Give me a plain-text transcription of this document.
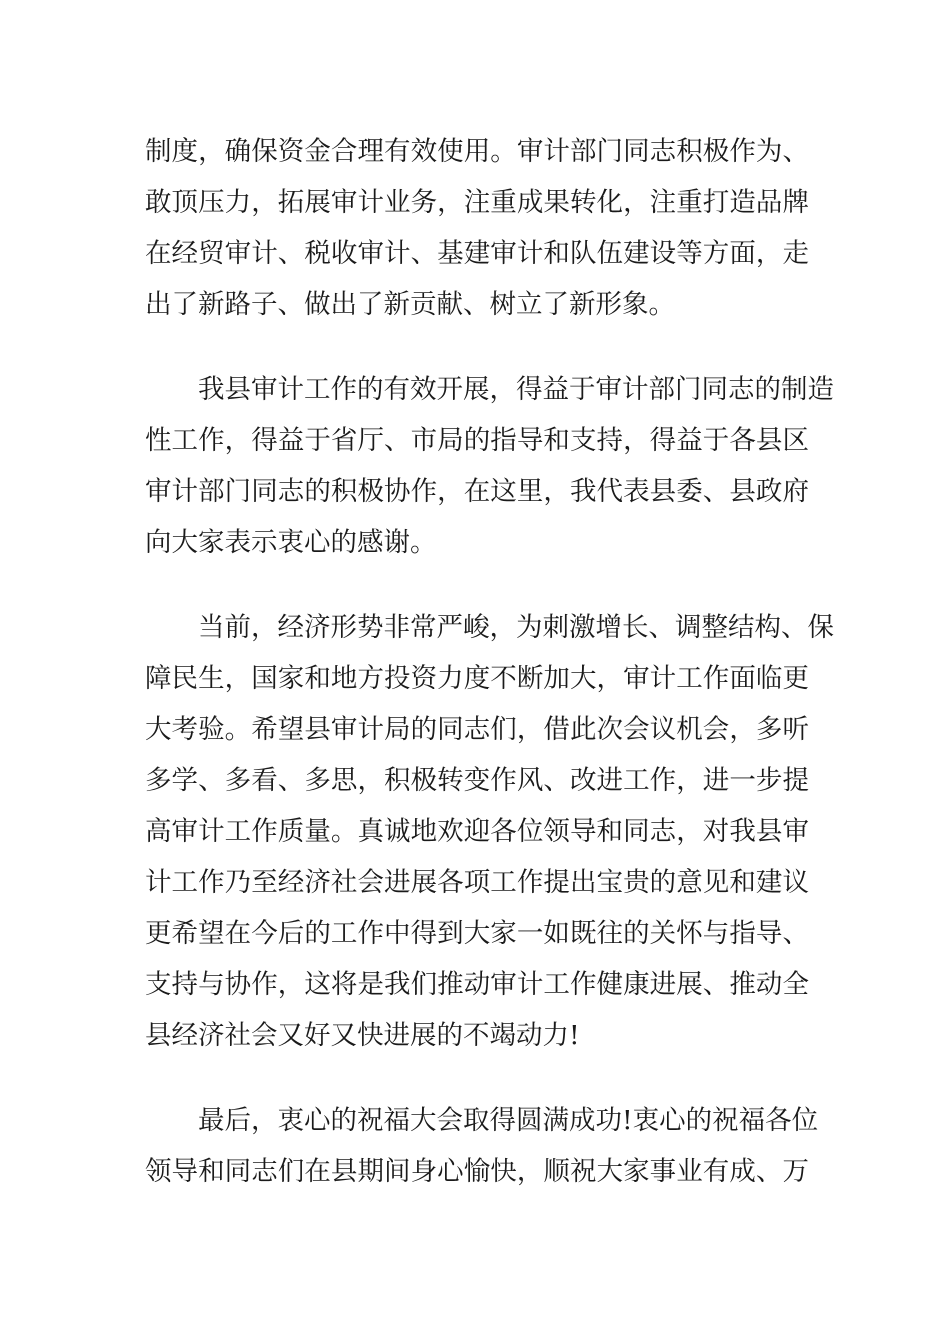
制度，确保资金合理有效使用。审计部门同志积极作为、
敢顶压力，拓展审计业务，注重成果转化，注重打造品牌
在经贸审计、税收审计、基建审计和队伍建设等方面，走
出了新路子、做出了新贡献、树立了新形象。
　　我县审计工作的有效开展，得益于审计部门同志的制造
性工作，得益于省厅、市局的指导和支持，得益于各县区
审计部门同志的积极协作，在这里，我代表县委、县政府
向大家表示衷心的感谢。
　　当前，经济形势非常严峻，为刺激增长、调整结构、保
障民生，国家和地方投资力度不断加大，审计工作面临更
大考验。希望县审计局的同志们，借此次会议机会，多听
多学、多看、多思，积极转变作风、改进工作，进一步提
高审计工作质量。真诚地欢迎各位领导和同志，对我县审
计工作乃至经济社会进展各项工作提出宝贵的意见和建议
更希望在今后的工作中得到大家一如既往的关怀与指导、
支持与协作，这将是我们推动审计工作健康进展、推动全
县经济社会又好又快进展的不竭动力!
　　最后，衷心的祝福大会取得圆满成功!衷心的祝福各位
领导和同志们在县期间身心愉快，顺祝大家事业有成、万
